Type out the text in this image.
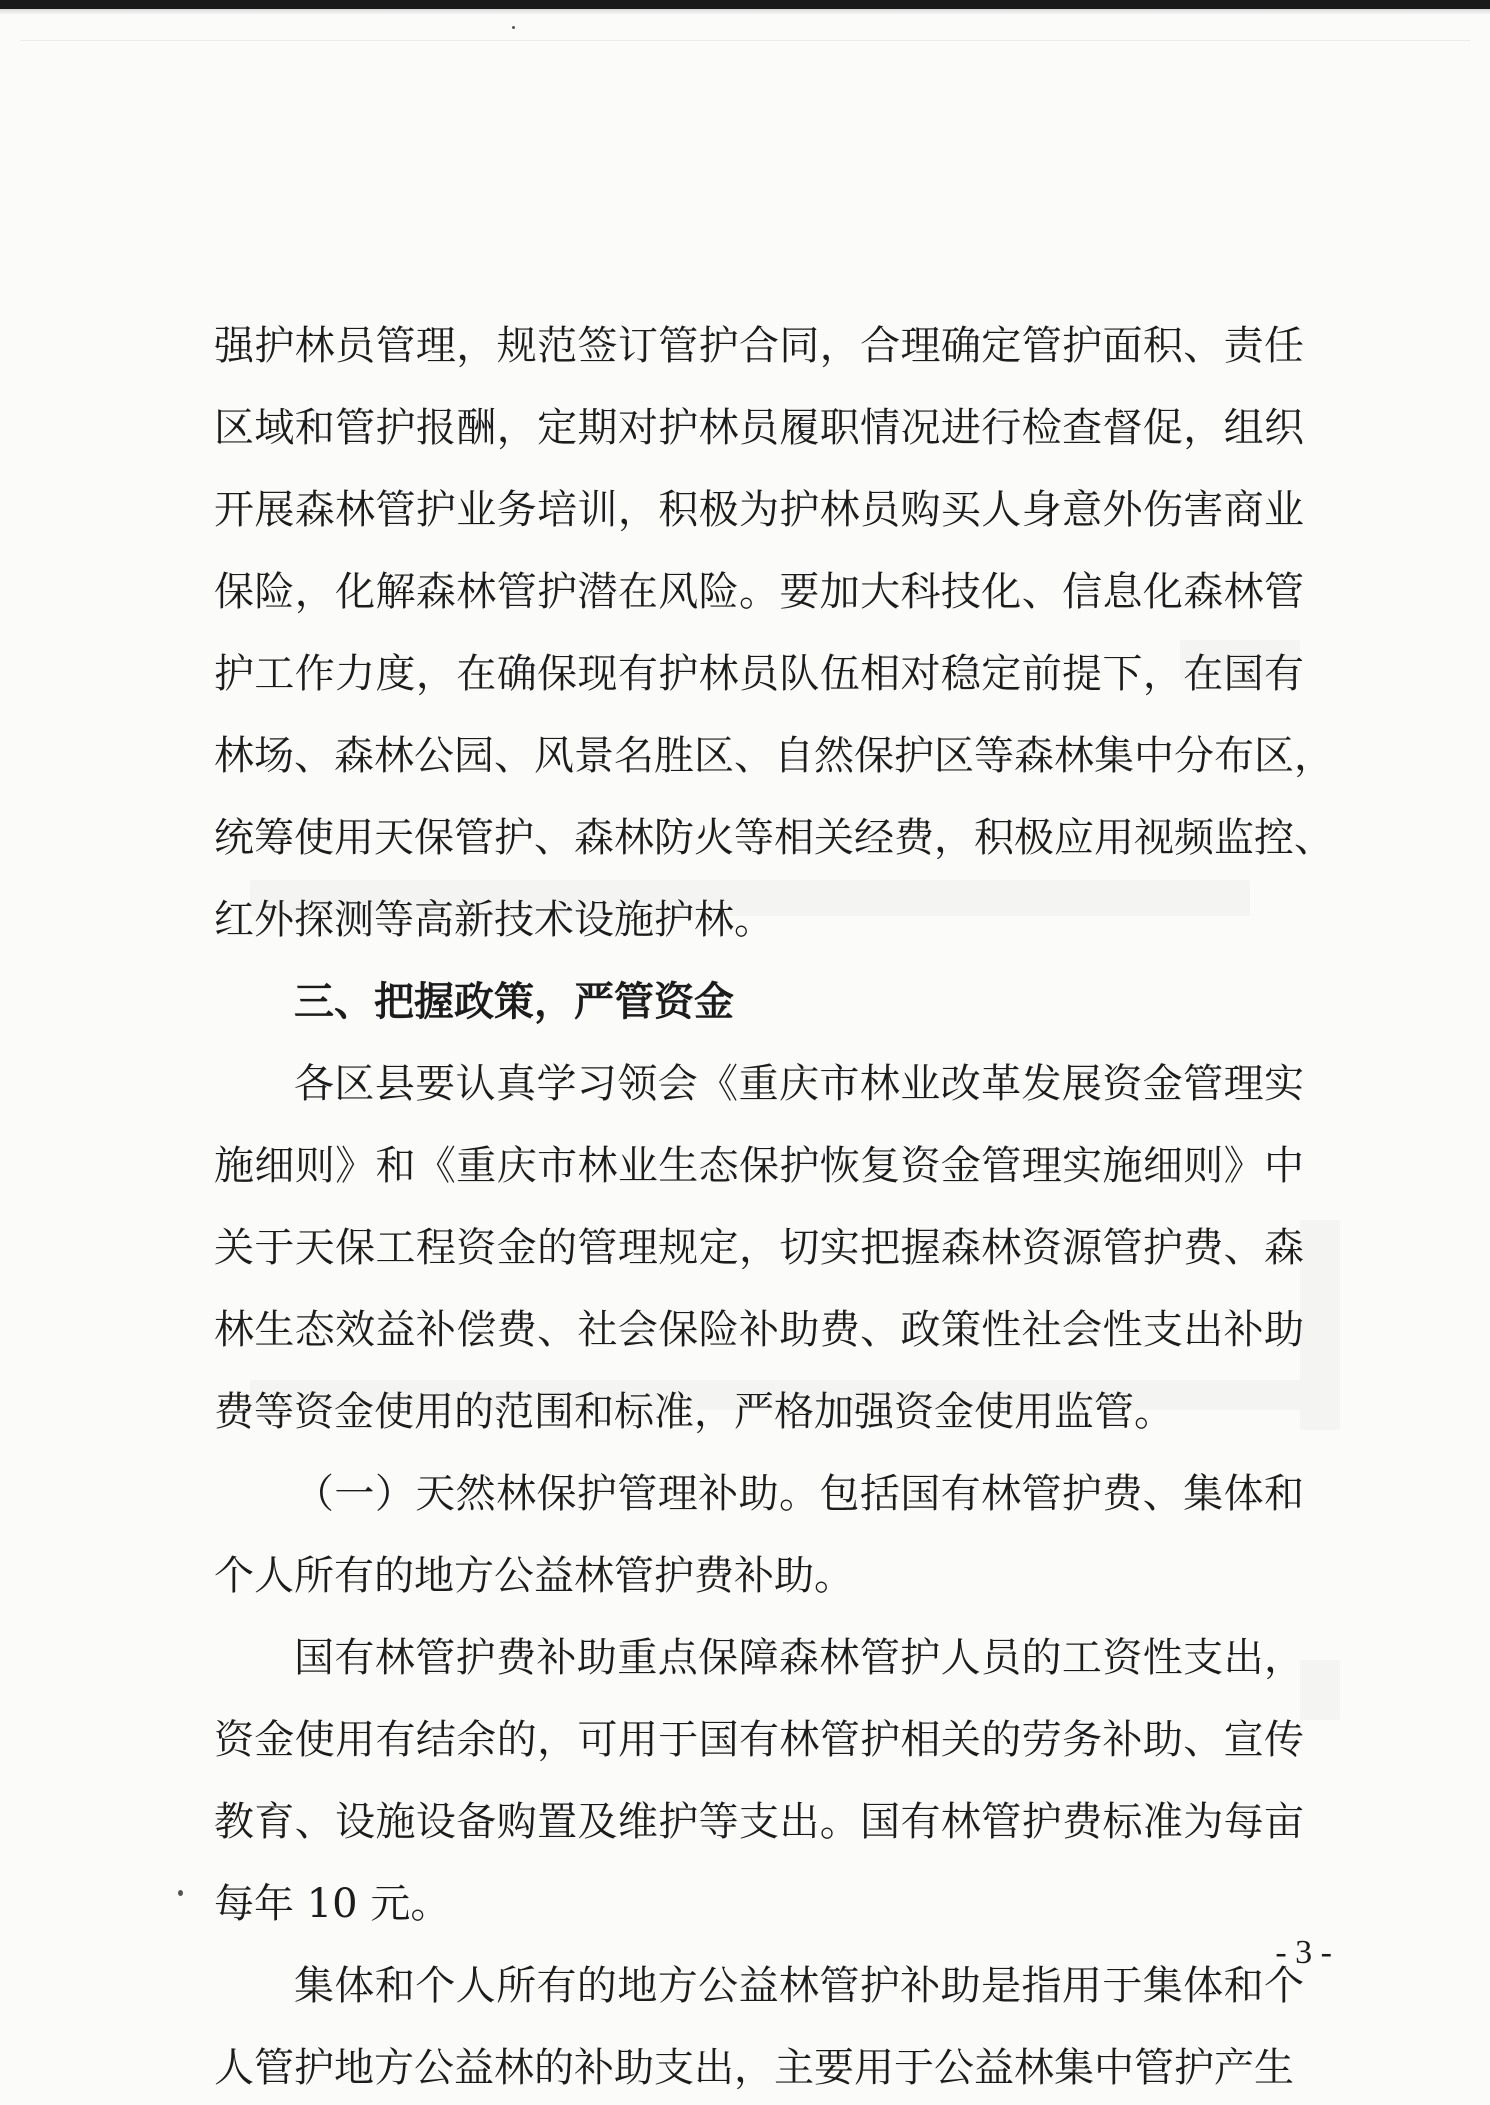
强护林员管理，规范签订管护合同，合理确定管护面积、责任
区域和管护报酬，定期对护林员履职情况进行检查督促，组织
开展森林管护业务培训，积极为护林员购买人身意外伤害商业
保险，化解森林管护潜在风险。要加大科技化、信息化森林管
护工作力度，在确保现有护林员队伍相对稳定前提下，在国有
林场、森林公园、风景名胜区、自然保护区等森林集中分布区，
统筹使用天保管护、森林防火等相关经费，积极应用视频监控、
红外探测等高新技术设施护林。
三、把握政策，严管资金
各区县要认真学习领会《重庆市林业改革发展资金管理实
施细则》和《重庆市林业生态保护恢复资金管理实施细则》中
关于天保工程资金的管理规定，切实把握森林资源管护费、森
林生态效益补偿费、社会保险补助费、政策性社会性支出补助
费等资金使用的范围和标准，严格加强资金使用监管。
（一）天然林保护管理补助。包括国有林管护费、集体和
个人所有的地方公益林管护费补助。
国有林管护费补助重点保障森林管护人员的工资性支出，
资金使用有结余的，可用于国有林管护相关的劳务补助、宣传
教育、设施设备购置及维护等支出。国有林管护费标准为每亩
每年 10 元。
集体和个人所有的地方公益林管护补助是指用于集体和个
人管护地方公益林的补助支出，主要用于公益林集中管护产生
- 3 -
